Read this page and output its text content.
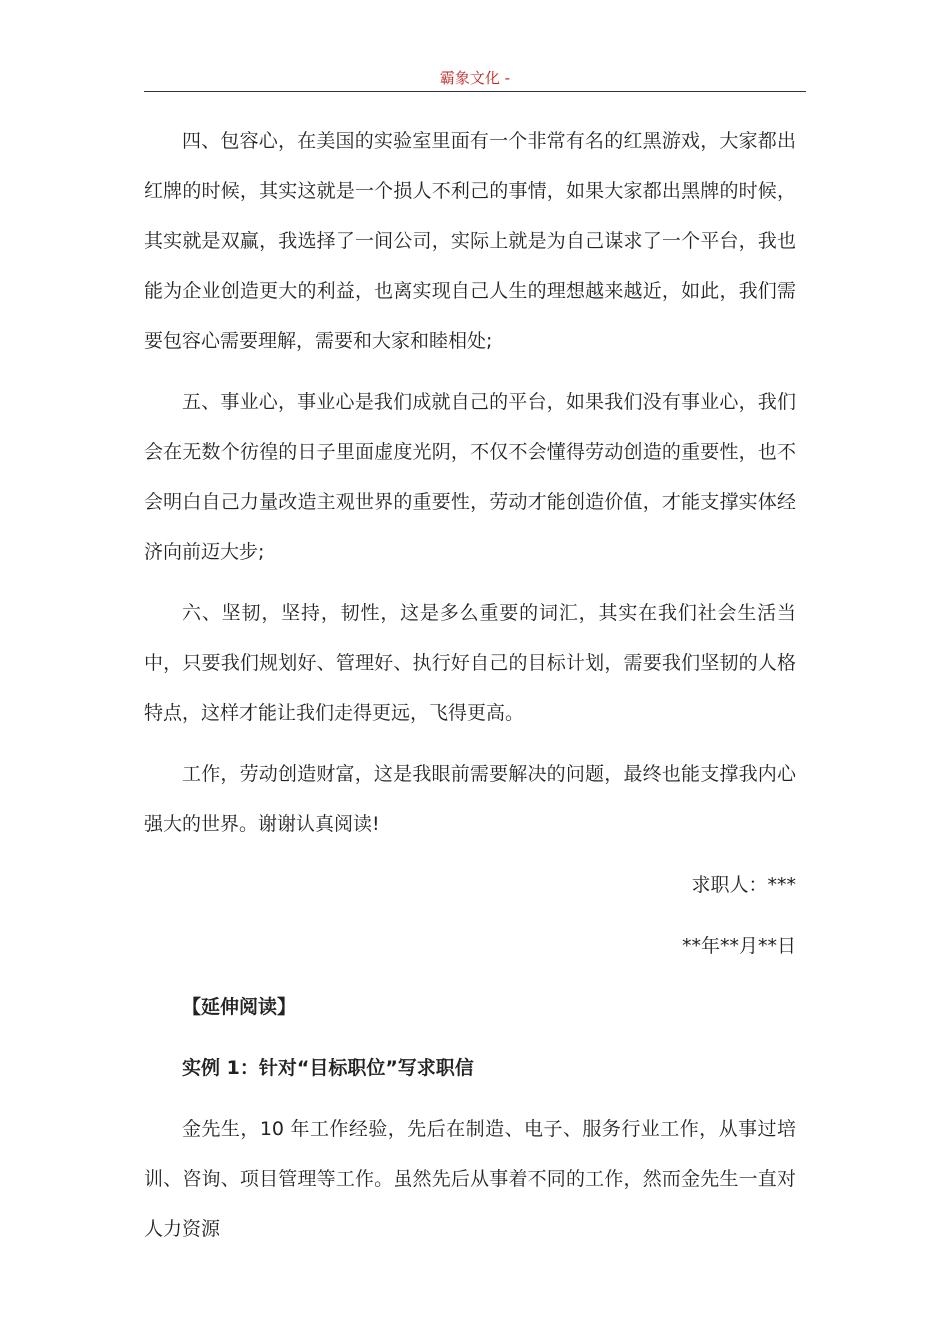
霸象文化 -

四、包容心，在美国的实验室里面有一个非常有名的红黑游戏，大家都出红牌的时候，其实这就是一个损人不利己的事情，如果大家都出黑牌的时候，其实就是双赢，我选择了一间公司，实际上就是为自己谋求了一个平台，我也能为企业创造更大的利益，也离实现自己人生的理想越来越近，如此，我们需要包容心需要理解，需要和大家和睦相处;

五、事业心，事业心是我们成就自己的平台，如果我们没有事业心，我们会在无数个彷徨的日子里面虚度光阴，不仅不会懂得劳动创造的重要性，也不会明白自己力量改造主观世界的重要性，劳动才能创造价值，才能支撑实体经济向前迈大步;

六、坚韧，坚持，韧性，这是多么重要的词汇，其实在我们社会生活当中，只要我们规划好、管理好、执行好自己的目标计划，需要我们坚韧的人格特点，这样才能让我们走得更远，飞得更高。

工作，劳动创造财富，这是我眼前需要解决的问题，最终也能支撑我内心强大的世界。谢谢认真阅读!

求职人：***

**年**月**日

【延伸阅读】

实例 1：针对“目标职位”写求职信

金先生，10 年工作经验，先后在制造、电子、服务行业工作，从事过培训、咨询、项目管理等工作。虽然先后从事着不同的工作，然而金先生一直对人力资源
